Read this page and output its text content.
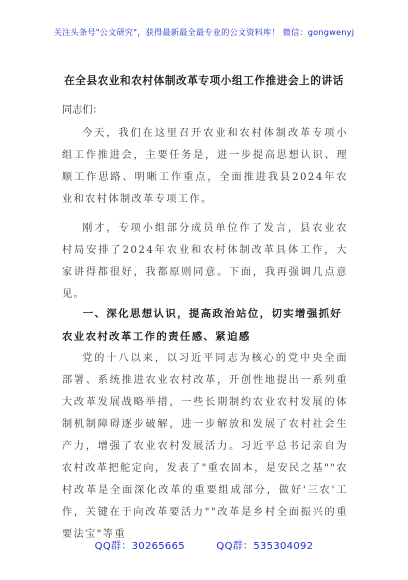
关注头条号"公文研究"，获得最新最全最专业的公文资料库！ 微信：gongwenyj
在全县农业和农村体制改革专项小组工作推进会上的讲话
同志们：

今天，我们在这里召开农业和农村体制改革专项小组工作推进会，主要任务是，进一步提高思想认识、理顺工作思路、明晰工作重点，全面推进我县2024年农业和农村体制改革专项工作。

刚才，专项小组部分成员单位作了发言，县农业农村局安排了2024年农业和农村体制改革具体工作，大家讲得都很好，我都原则同意。下面，我再强调几点意见。

一、深化思想认识，提高政治站位，切实增强抓好农业农村改革工作的责任感、紧迫感

党的十八以来，以习近平同志为核心的党中央全面部署、系统推进农业农村改革，开创性地提出一系列重大改革发展战略举措，一些长期制约农业农村发展的体制机制障碍逐步破解，进一步解放和发展了农村社会生产力，增强了农业农村发展活力。习近平总书记亲自为农村改革把舵定向，发表了"重农固本，是安民之基""农村改革是全面深化改革的重要组成部分，做好'三农'工作，关键在于向改革要活力""改革是乡村全面振兴的重要法宝"等重

QQ群：30265665	QQ群：535304092
